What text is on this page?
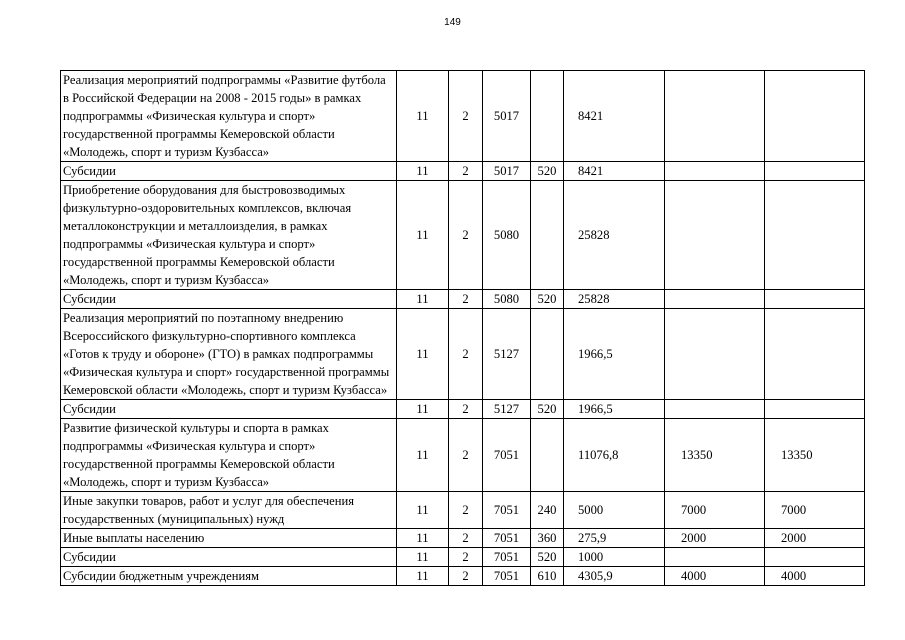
149
Реализация мероприятий подпрограммы «Развитие футбола в Российской Федерации на 2008 - 2015 годы» в рамках подпрограммы «Физическая культура и спорт» государственной программы Кемеровской области «Молодежь, спорт и туризм Кузбасса»	11	2	5017		8421		
Субсидии	11	2	5017	520	8421		
Приобретение оборудования для быстровозводимых физкультурно-оздоровительных комплексов, включая металлоконструкции и металлоизделия, в рамках подпрограммы «Физическая культура и спорт» государственной программы Кемеровской области «Молодежь, спорт и туризм Кузбасса»	11	2	5080		25828		
Субсидии	11	2	5080	520	25828		
Реализация мероприятий по поэтапному внедрению Всероссийского физкультурно-спортивного комплекса «Готов к труду и обороне» (ГТО) в рамках подпрограммы «Физическая культура и спорт» государственной программы Кемеровской области «Молодежь, спорт и туризм Кузбасса»	11	2	5127		1966,5		
Субсидии	11	2	5127	520	1966,5		
Развитие физической культуры и спорта в рамках подпрограммы «Физическая культура и спорт» государственной программы Кемеровской области «Молодежь, спорт и туризм Кузбасса»	11	2	7051		11076,8	13350	13350
Иные закупки товаров, работ и услуг для обеспечения государственных (муниципальных) нужд	11	2	7051	240	5000	7000	7000
Иные выплаты населению	11	2	7051	360	275,9	2000	2000
Субсидии	11	2	7051	520	1000		
Субсидии бюджетным учреждениям	11	2	7051	610	4305,9	4000	4000
